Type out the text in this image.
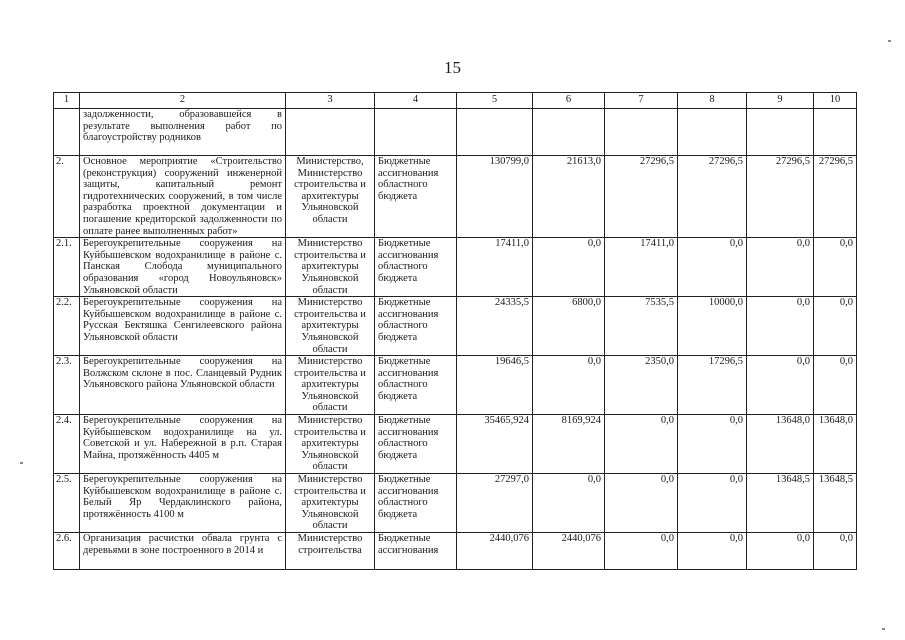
15
1	2	3	4	5	6	7	8	9	10
	задолженности, образовавшейся в результате выполнения работ по благоустройству родников								
2.	Основное мероприятие «Строительство (реконструкция) сооружений инженерной защиты, капитальный ремонт гидротехнических сооружений, в том числе разработка проектной документации и погашение кредиторской задолженности по оплате ранее выполненных работ»	Министерство, Министерство строительства и архитектуры Ульяновской области	Бюджетные ассигнования областного бюджета	130799,0	21613,0	27296,5	27296,5	27296,5	27296,5
2.1.	Берегоукрепительные сооружения на Куйбышевском водохранилище в районе с. Панская Слобода муниципального образования «город Новоульяновск» Ульяновской области	Министерство строительства и архитектуры Ульяновской области	Бюджетные ассигнования областного бюджета	17411,0	0,0	17411,0	0,0	0,0	0,0
2.2.	Берегоукрепительные сооружения на Куйбышевском водохранилище в районе с. Русская Бектяшка Сенгилеевского района Ульяновской области	Министерство строительства и архитектуры Ульяновской области	Бюджетные ассигнования областного бюджета	24335,5	6800,0	7535,5	10000,0	0,0	0,0
2.3.	Берегоукрепительные сооружения на Волжском склоне в пос. Сланцевый Рудник Ульяновского района Ульяновской области	Министерство строительства и архитектуры Ульяновской области	Бюджетные ассигнования областного бюджета	19646,5	0,0	2350,0	17296,5	0,0	0,0
2.4.	Берегоукрепительные сооружения на Куйбышевском водохранилище на ул. Советской и ул. Набережной в р.п. Старая Майна, протяжённость 4405 м	Министерство строительства и архитектуры Ульяновской области	Бюджетные ассигнования областного бюджета	35465,924	8169,924	0,0	0,0	13648,0	13648,0
2.5.	Берегоукрепительные сооружения на Куйбышевском водохранилище в районе с. Белый Яр Чердаклинского района, протяжённость 4100 м	Министерство строительства и архитектуры Ульяновской области	Бюджетные ассигнования областного бюджета	27297,0	0,0	0,0	0,0	13648,5	13648,5
2.6.	Организация расчистки обвала грунта с деревьями в зоне построенного в 2014 и	Министерство строительства	Бюджетные ассигнования	2440,076	2440,076	0,0	0,0	0,0	0,0
